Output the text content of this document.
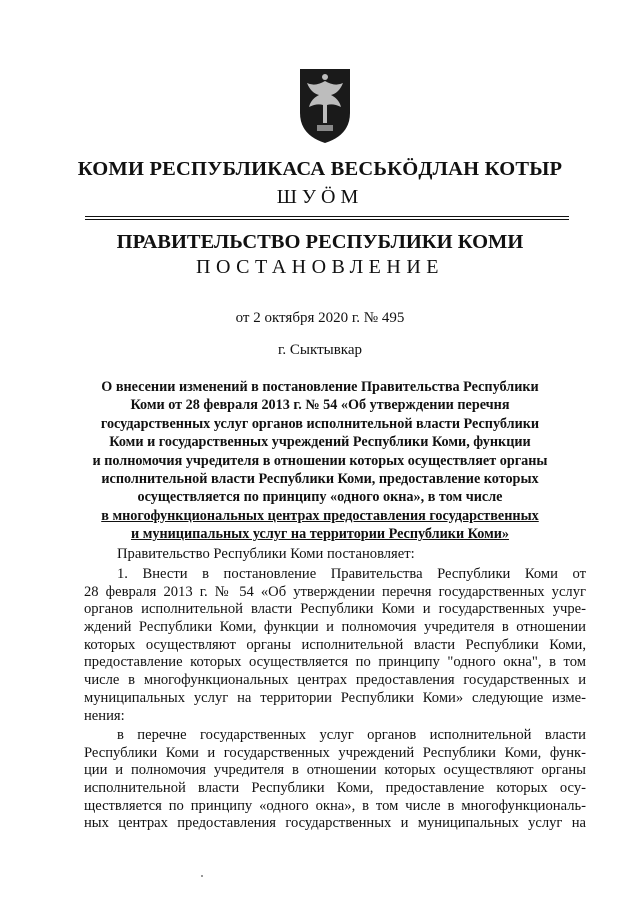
КОМИ РЕСПУБЛИКАСА ВЕСЬКӦДЛАН КОТЫР
ШУӦМ
ПРАВИТЕЛЬСТВО РЕСПУБЛИКИ КОМИ
ПОСТАНОВЛЕНИЕ
от 2 октября 2020 г. № 495
г. Сыктывкар
О внесении изменений в постановление Правительства Республики
Коми от 28 февраля 2013 г. № 54 «Об утверждении перечня
государственных услуг органов исполнительной власти Республики
Коми и государственных учреждений Республики Коми, функции
и полномочия учредителя в отношении которых осуществляет органы
исполнительной власти Республики Коми, предоставление которых
осуществляется по принципу «одного окна», в том числе
в многофункциональных центрах предоставления государственных
и муниципальных услуг на территории Республики Коми»
Правительство Республики Коми постановляет:
1. Внести в постановление Правительства Республики Коми от
28 февраля 2013 г. № 54 «Об утверждении перечня государственных услуг
органов исполнительной власти Республики Коми и государственных учре-
ждений Республики Коми, функции и полномочия учредителя в отношении
которых осуществляют органы исполнительной власти Республики Коми,
предоставление которых осуществляется по принципу "одного окна", в том
числе в многофункциональных центрах предоставления государственных и
муниципальных услуг на территории Республики Коми» следующие изме-
нения:
в перечне государственных услуг органов исполнительной власти
Республики Коми и государственных учреждений Республики Коми, функ-
ции и полномочия учредителя в отношении которых осуществляют органы
исполнительной власти Республики Коми, предоставление которых осу-
ществляется по принципу «одного окна», в том числе в многофункциональ-
ных центрах предоставления государственных и муниципальных услуг на
